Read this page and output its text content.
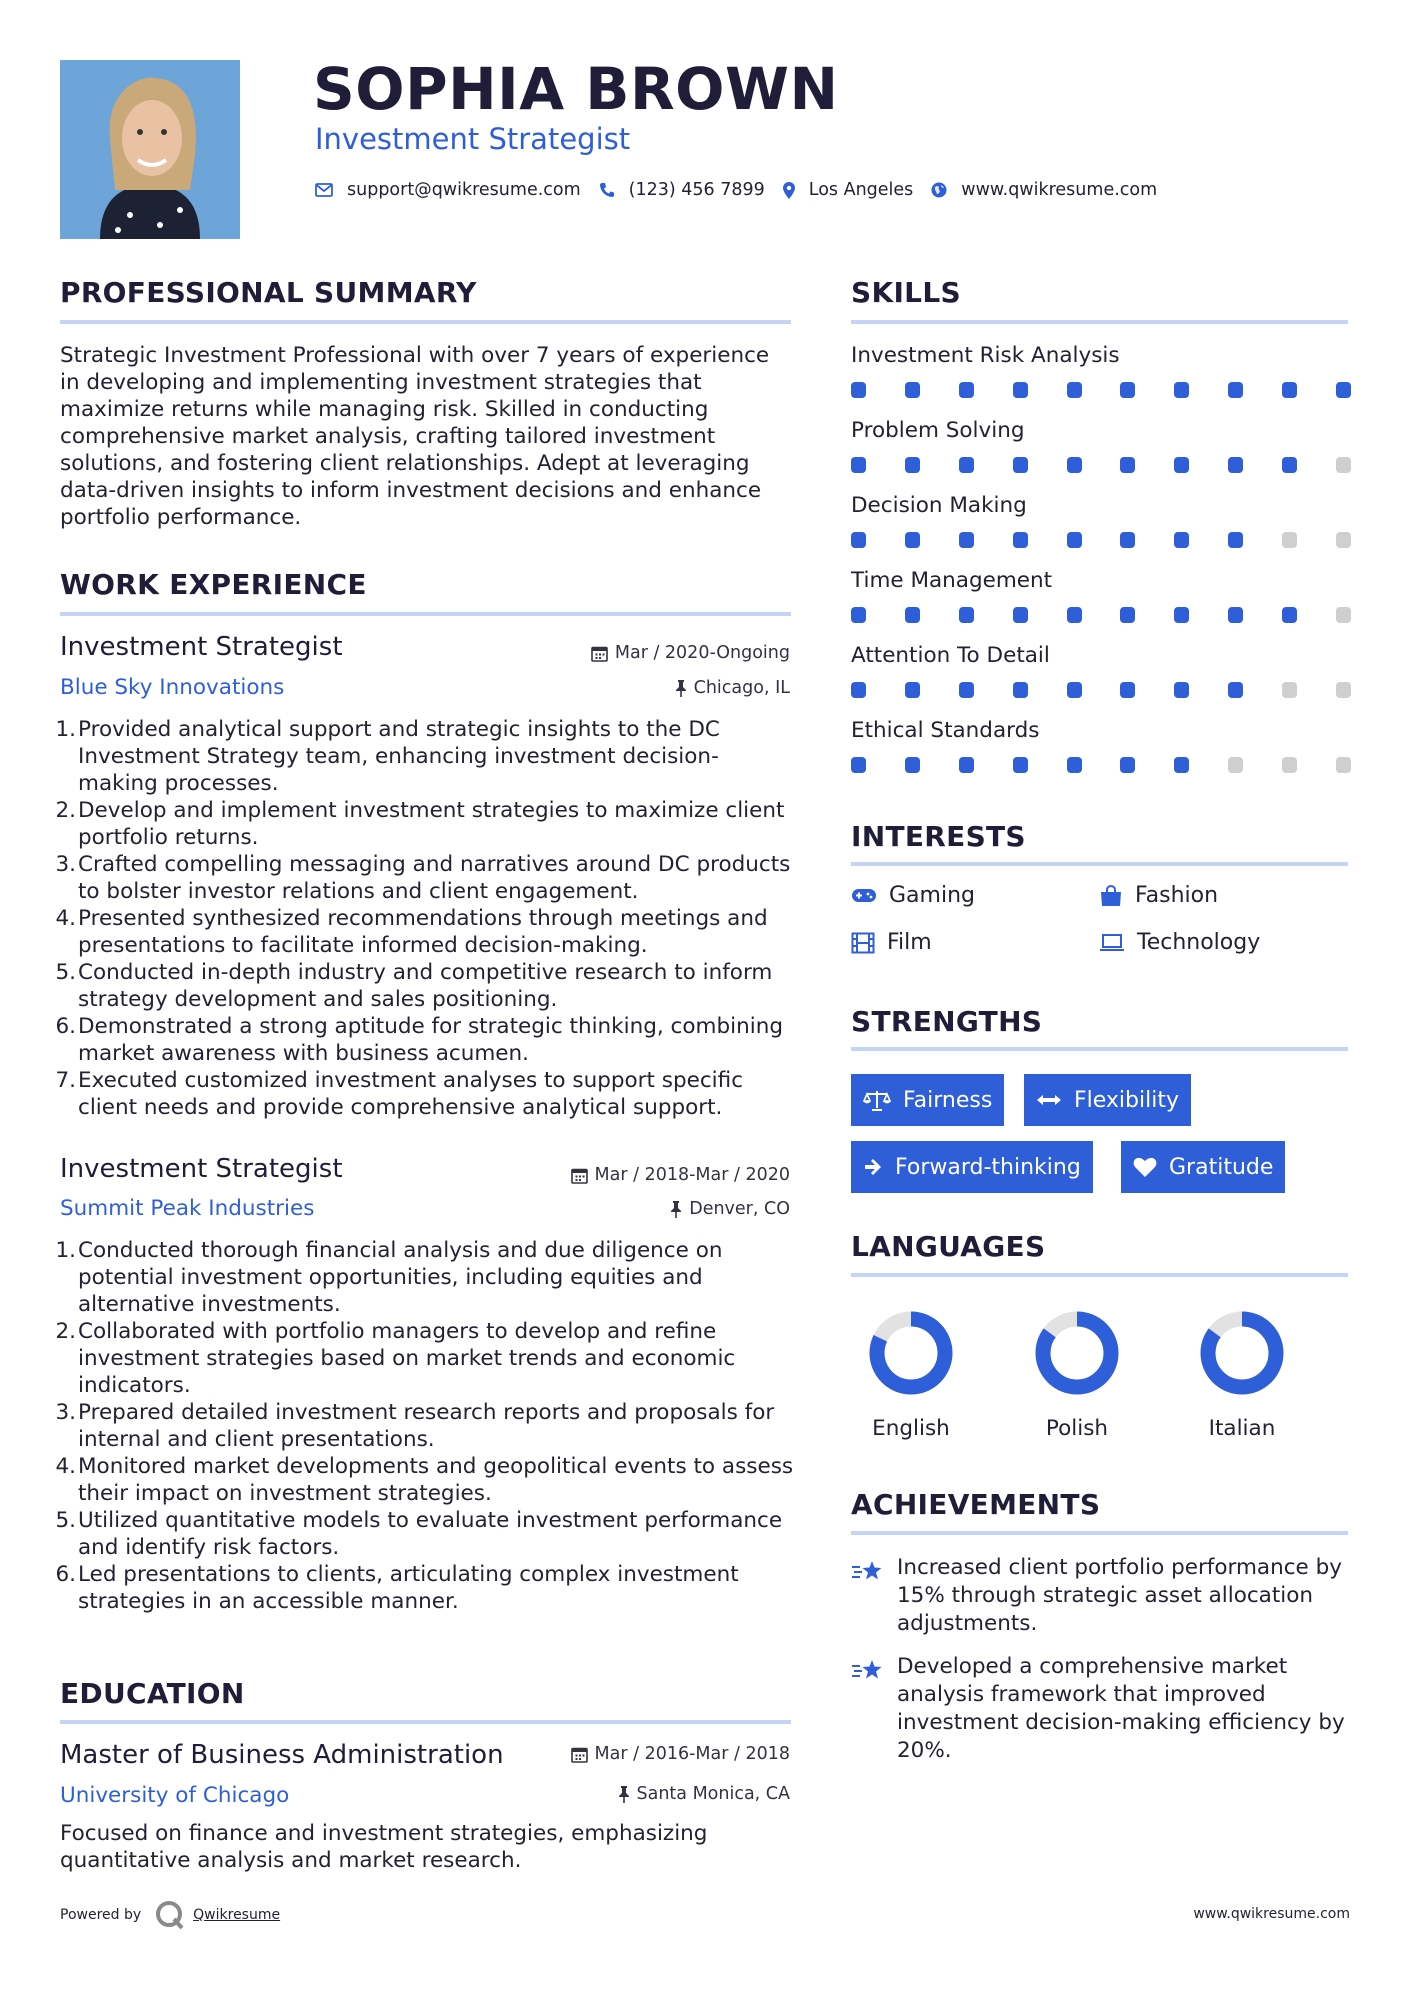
SOPHIA BROWN
Investment Strategist
support@qwikresume.com	(123) 456 7899	Los Angeles	www.qwikresume.com
PROFESSIONAL SUMMARY
Strategic Investment Professional with over 7 years of experience in developing and implementing investment strategies that maximize returns while managing risk. Skilled in conducting comprehensive market analysis, crafting tailored investment solutions, and fostering client relationships. Adept at leveraging data-driven insights to inform investment decisions and enhance portfolio performance.
WORK EXPERIENCE
Investment Strategist	Mar / 2020-Ongoing
Blue Sky Innovations	Chicago, IL
Provided analytical support and strategic insights to the DC Investment Strategy team, enhancing investment decision-making processes.
Develop and implement investment strategies to maximize client portfolio returns.
Crafted compelling messaging and narratives around DC products to bolster investor relations and client engagement.
Presented synthesized recommendations through meetings and presentations to facilitate informed decision-making.
Conducted in-depth industry and competitive research to inform strategy development and sales positioning.
Demonstrated a strong aptitude for strategic thinking, combining market awareness with business acumen.
Executed customized investment analyses to support specific client needs and provide comprehensive analytical support.
Investment Strategist	Mar / 2018-Mar / 2020
Summit Peak Industries	Denver, CO
Conducted thorough financial analysis and due diligence on potential investment opportunities, including equities and alternative investments.
Collaborated with portfolio managers to develop and refine investment strategies based on market trends and economic indicators.
Prepared detailed investment research reports and proposals for internal and client presentations.
Monitored market developments and geopolitical events to assess their impact on investment strategies.
Utilized quantitative models to evaluate investment performance and identify risk factors.
Led presentations to clients, articulating complex investment strategies in an accessible manner.
EDUCATION
Master of Business Administration	Mar / 2016-Mar / 2018
University of Chicago	Santa Monica, CA
Focused on finance and investment strategies, emphasizing quantitative analysis and market research.
SKILLS
Investment Risk Analysis
Problem Solving
Decision Making
Time Management
Attention To Detail
Ethical Standards
INTERESTS
Gaming	Fashion
Film	Technology
STRENGTHS
Fairness	Flexibility
Forward-thinking	Gratitude
LANGUAGES
English	Polish	Italian
ACHIEVEMENTS
Increased client portfolio performance by 15% through strategic asset allocation adjustments.
Developed a comprehensive market analysis framework that improved investment decision-making efficiency by 20%.
Powered by	Qwikresume	www.qwikresume.com
